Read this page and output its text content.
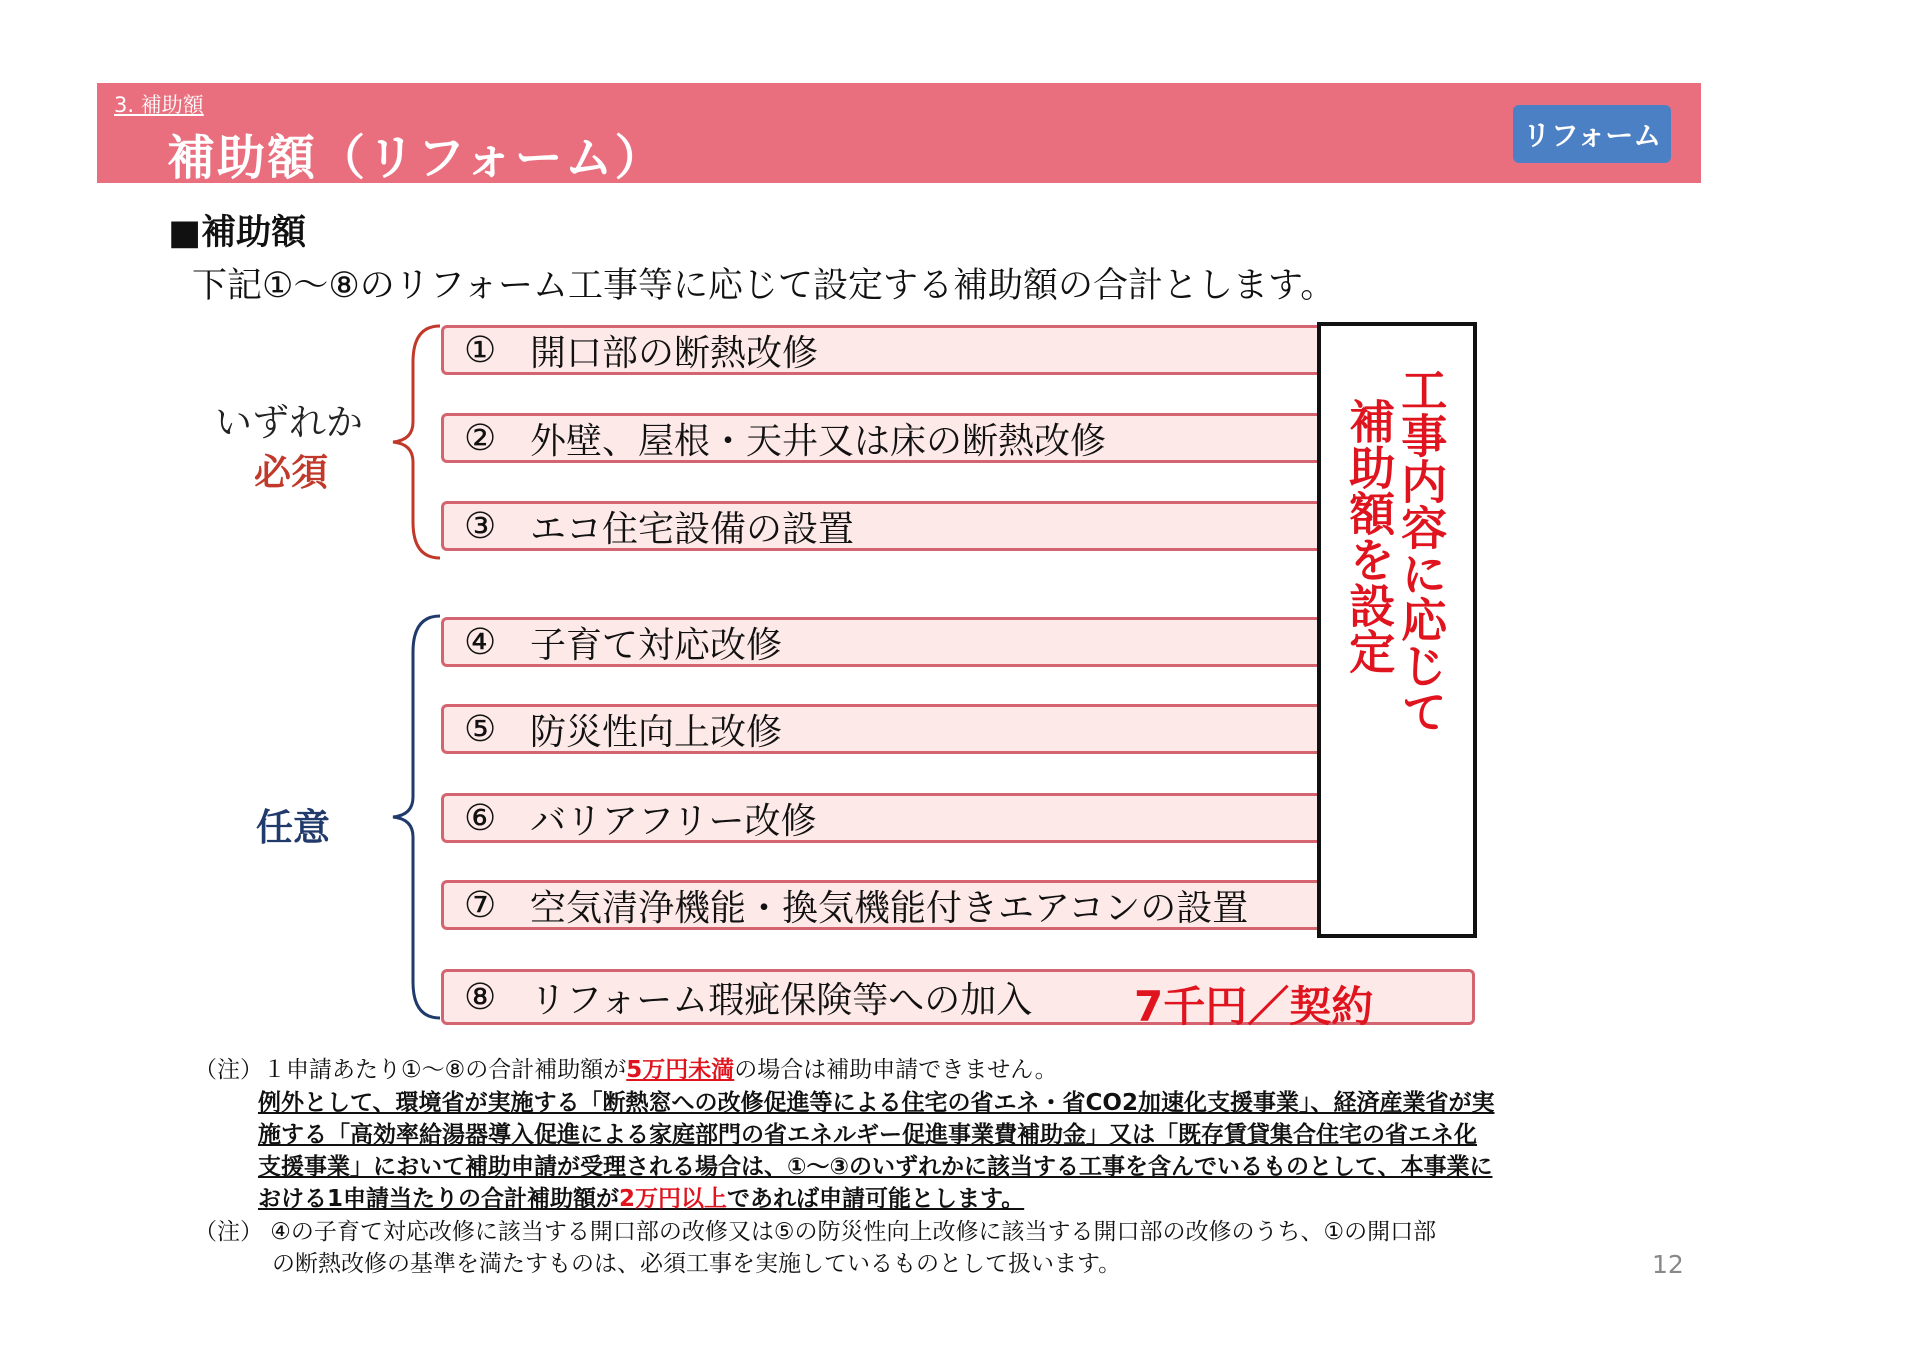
3. 補助額
補助額（リフォーム）	リフォーム
■補助額
下記①～⑧のリフォーム工事等に応じて設定する補助額の合計とします。
いずれか
必須
任意
① 開口部の断熱改修
② 外壁、屋根・天井又は床の断熱改修
③ エコ住宅設備の設置
④ 子育て対応改修
⑤ 防災性向上改修
⑥ バリアフリー改修
⑦ 空気清浄機能・換気機能付きエアコンの設置
⑧ リフォーム瑕疵保険等への加入 7千円／契約
工事内容に応じて
補助額を設定
（注）１申請あたり①～⑧の合計補助額が5万円未満の場合は補助申請できません。
例外として、環境省が実施する「断熱窓への改修促進等による住宅の省エネ・省CO2加速化支援事業」、経済産業省が実
施する「高効率給湯器導入促進による家庭部門の省エネルギー促進事業費補助金」又は「既存賃貸集合住宅の省エネ化
支援事業」において補助申請が受理される場合は、①～③のいずれかに該当する工事を含んでいるものとして、本事業に
おける1申請当たりの合計補助額が2万円以上であれば申請可能とします。
（注） ④の子育て対応改修に該当する開口部の改修又は⑤の防災性向上改修に該当する開口部の改修のうち、①の開口部
の断熱改修の基準を満たすものは、必須工事を実施しているものとして扱います。	12
